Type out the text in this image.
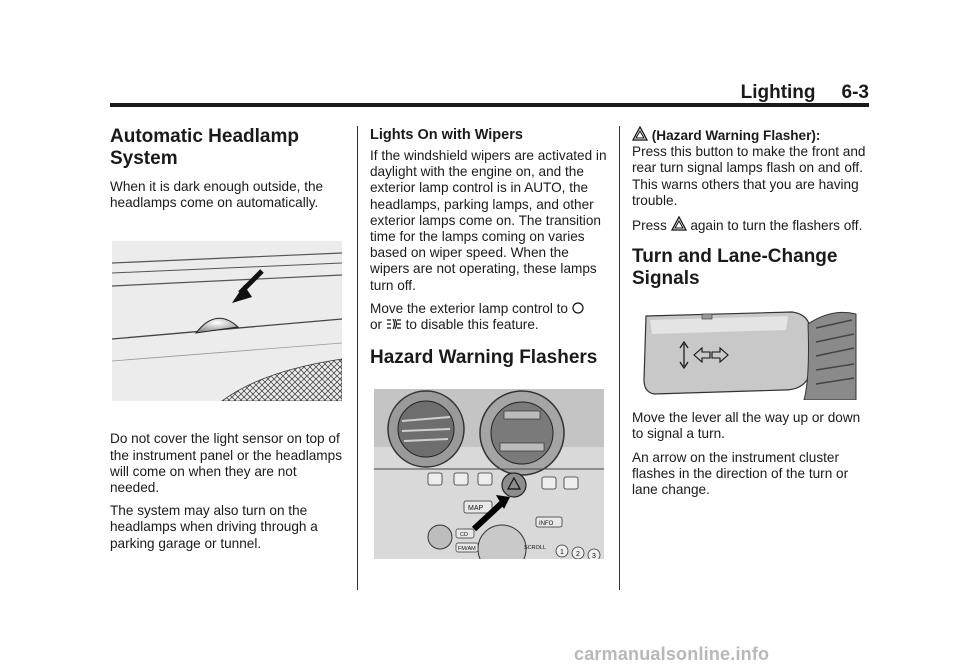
Lighting 6-3
Automatic Headlamp System

When it is dark enough outside, the headlamps come on automatically.

Do not cover the light sensor on top of the instrument panel or the headlamps will come on when they are not needed.

The system may also turn on the headlamps when driving through a parking garage or tunnel.

Lights On with Wipers

If the windshield wipers are activated in daylight with the engine on, and the exterior lamp control is in AUTO, the headlamps, parking lamps, and other exterior lamps come on. The transition time for the lamps coming on varies based on wiper speed. When the wipers are not operating, these lamps turn off.

Move the exterior lamp control to
or to disable this feature.

Hazard Warning Flashers
MAP
INFO
CD
FM/AM	SCROLL
1 2 3

(Hazard Warning Flasher):
Press this button to make the front and rear turn signal lamps flash on and off. This warns others that you are having trouble.

Press again to turn the flashers off.

Turn and Lane-Change Signals

Move the lever all the way up or down to signal a turn.

An arrow on the instrument cluster flashes in the direction of the turn or lane change.

carmanualsonline.info
